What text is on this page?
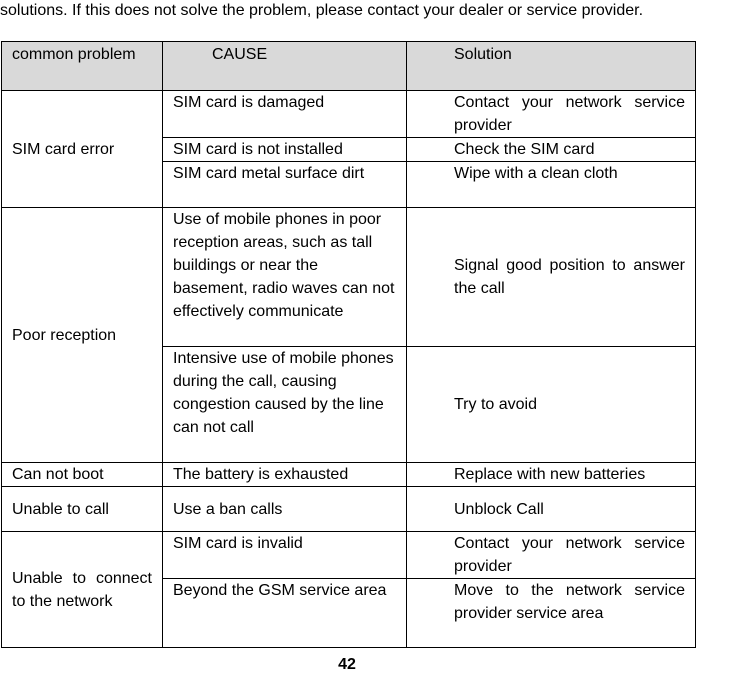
solutions. If this does not solve the problem, please contact your dealer or service provider.

common problem	CAUSE	Solution
SIM card error	SIM card is damaged	Contact your network service provider
	SIM card is not installed	Check the SIM card
	SIM card metal surface dirt	Wipe with a clean cloth
Poor reception	Use of mobile phones in poor reception areas, such as tall buildings or near the basement, radio waves can not effectively communicate	Signal good position to answer the call
	Intensive use of mobile phones during the call, causing congestion caused by the line can not call	Try to avoid
Can not boot	The battery is exhausted	Replace with new batteries
Unable to call	Use a ban calls	Unblock Call
Unable to connect to the network	SIM card is invalid	Contact your network service provider
	Beyond the GSM service area	Move to the network service provider service area
42
